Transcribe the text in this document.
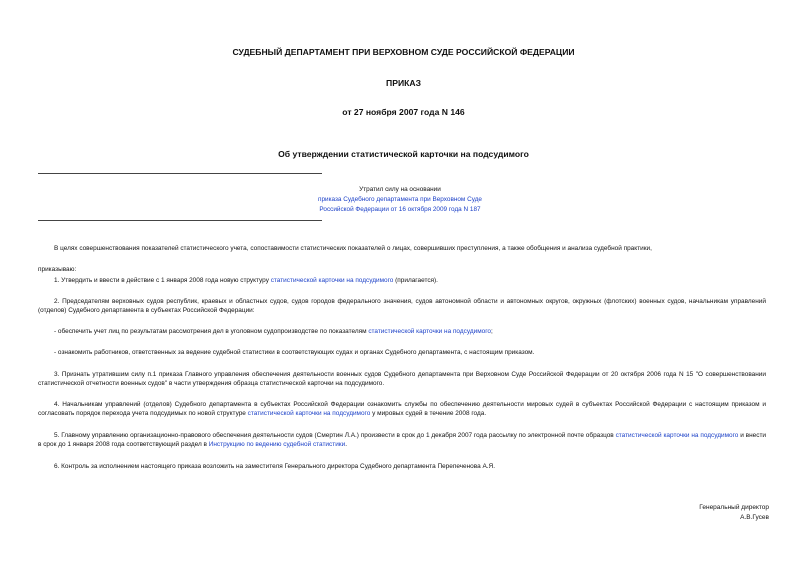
СУДЕБНЫЙ ДЕПАРТАМЕНТ ПРИ ВЕРХОВНОМ СУДЕ РОССИЙСКОЙ ФЕДЕРАЦИИ
ПРИКАЗ
от 27 ноября 2007 года N 146
Об утверждении статистической карточки на подсудимого
Утратил силу на основании
приказа Судебного департамента при Верховном Суде
Российской Федерации от 16 октября 2009 года N 187
В целях совершенствования показателей статистического учета, сопоставимости статистических показателей о лицах, совершивших преступления, а также обобщения и анализа судебной практики,
приказываю:
1. Утвердить и ввести в действие с 1 января 2008 года новую структуру статистической карточки на подсудимого (прилагается).
2. Председателям верховных судов республик, краевых и областных судов, судов городов федерального значения, судов автономной области и автономных округов, окружных (флотских) военных судов, начальникам управлений (отделов) Судебного департамента в субъектах Российской Федерации:
- обеспечить учет лиц по результатам рассмотрения дел в уголовном судопроизводстве по показателям статистической карточки на подсудимого;
- ознакомить работников, ответственных за ведение судебной статистики в соответствующих судах и органах Судебного департамента, с настоящим приказом.
3. Признать утратившим силу п.1 приказа Главного управления обеспечения деятельности военных судов Судебного департамента при Верховном Суде Российской Федерации от 20 октября 2006 года N 15 "О совершенствовании статистической отчетности военных судов" в части утверждения образца статистической карточки на подсудимого.
4. Начальникам управлений (отделов) Судебного департамента в субъектах Российской Федерации ознакомить службы по обеспечению деятельности мировых судей в субъектах Российской Федерации с настоящим приказом и согласовать порядок перехода учета подсудимых по новой структуре статистической карточки на подсудимого у мировых судей в течение 2008 года.
5. Главному управлению организационно-правового обеспечения деятельности судов (Смертин Л.А.) произвести в срок до 1 декабря 2007 года рассылку по электронной почте образцов статистической карточки на подсудимого и внести в срок до 1 января 2008 года соответствующий раздел в Инструкцию по ведению судебной статистики.
6. Контроль за исполнением настоящего приказа возложить на заместителя Генерального директора Судебного департамента Перепеченова А.Я.
Генеральный директор
А.В.Гусев
